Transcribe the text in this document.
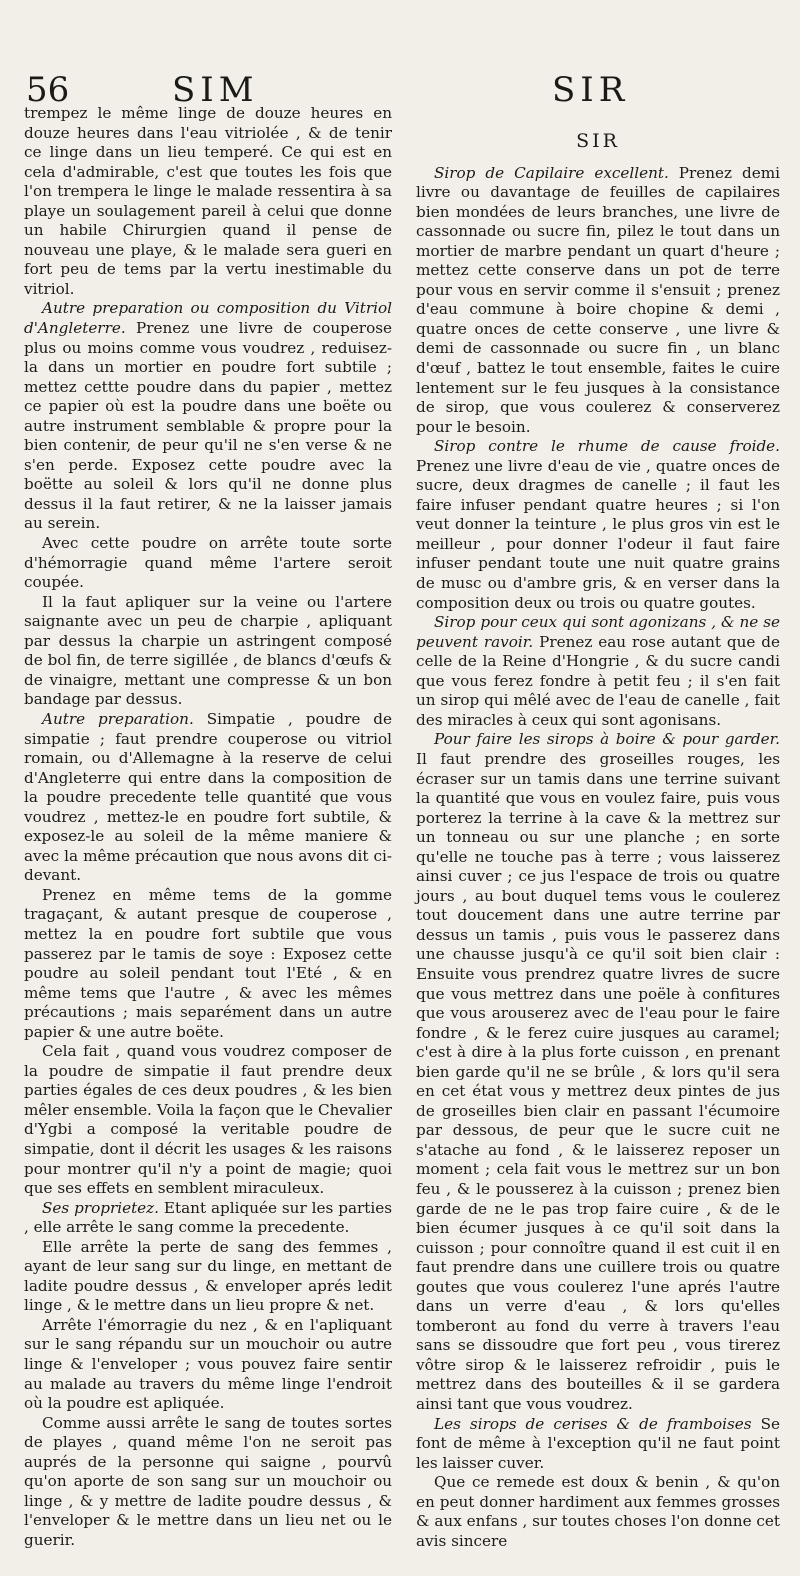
56	SIM	SIR

trempez le même linge de douze heures en douze heures dans l'eau vitriolée , & de tenir ce linge dans un lieu temperé. Ce qui est en cela d'admirable, c'est que toutes les fois que l'on trempera le linge le malade ressentira à sa playe un soulagement pareil à celui que donne un habile Chirurgien quand il pense de nouveau une playe, & le malade sera gueri en fort peu de tems par la vertu inestimable du vitriol.

Autre preparation ou composition du Vitriol d'Angleterre. Prenez une livre de couperose plus ou moins comme vous voudrez , reduisez-la dans un mortier en poudre fort subtile ; mettez cettte poudre dans du papier , mettez ce papier où est la poudre dans une boëte ou autre instrument semblable & propre pour la bien contenir, de peur qu'il ne s'en verse & ne s'en perde. Exposez cette poudre avec la boëtte au soleil & lors qu'il ne donne plus dessus il la faut retirer, & ne la laisser jamais au serein.

Avec cette poudre on arrête toute sorte d'hémorragie quand même l'artere seroit coupée.

Il la faut apliquer sur la veine ou l'artere saignante avec un peu de charpie , apliquant par dessus la charpie un astringent composé de bol fin, de terre sigillée , de blancs d'œufs & de vinaigre, mettant une compresse & un bon bandage par dessus.

Autre preparation. Simpatie , poudre de simpatie ; faut prendre couperose ou vitriol romain, ou d'Allemagne à la reserve de celui d'Angleterre qui entre dans la composition de la poudre precedente telle quantité que vous voudrez , mettez-le en poudre fort subtile, & exposez-le au soleil de la même maniere & avec la même précaution que nous avons dit ci-devant.

Prenez en même tems de la gomme tragaçant, & autant presque de couperose , mettez la en poudre fort subtile que vous passerez par le tamis de soye : Exposez cette poudre au soleil pendant tout l'Eté , & en même tems que l'autre , & avec les mêmes précautions ; mais separément dans un autre papier & une autre boëte.

Cela fait , quand vous voudrez composer de la poudre de simpatie il faut prendre deux parties égales de ces deux poudres , & les bien mêler ensemble. Voila la façon que le Chevalier d'Ygbi a composé la veritable poudre de simpatie, dont il décrit les usages & les raisons pour montrer qu'il n'y a point de magie; quoi que ses effets en semblent miraculeux.

Ses proprietez. Etant apliquée sur les parties , elle arrête le sang comme la precedente.

Elle arrête la perte de sang des femmes , ayant de leur sang sur du linge, en mettant de ladite poudre dessus , & enveloper aprés ledit linge , & le mettre dans un lieu propre & net.

Arrête l'émorragie du nez , & en l'apliquant sur le sang répandu sur un mouchoir ou autre linge & l'enveloper ; vous pouvez faire sentir au malade au travers du même linge l'endroit où la poudre est apliquée.

Comme aussi arrête le sang de toutes sortes de playes , quand même l'on ne seroit pas auprés de la personne qui saigne , pourvû qu'on aporte de son sang sur un mouchoir ou linge , & y mettre de ladite poudre dessus , & l'enveloper & le mettre dans un lieu net ou le guerir.

SIR

Sirop de Capilaire excellent. Prenez demi livre ou davantage de feuilles de capilaires bien mondées de leurs branches, une livre de cassonnade ou sucre fin, pilez le tout dans un mortier de marbre pendant un quart d'heure ; mettez cette conserve dans un pot de terre pour vous en servir comme il s'ensuit ; prenez d'eau commune à boire chopine & demi , quatre onces de cette conserve , une livre & demi de cassonnade ou sucre fin , un blanc d'œuf , battez le tout ensemble, faites le cuire lentement sur le feu jusques à la consistance de sirop, que vous coulerez & conserverez pour le besoin.

Sirop contre le rhume de cause froide. Prenez une livre d'eau de vie , quatre onces de sucre, deux dragmes de canelle ; il faut les faire infuser pendant quatre heures ; si l'on veut donner la teinture , le plus gros vin est le meilleur , pour donner l'odeur il faut faire infuser pendant toute une nuit quatre grains de musc ou d'ambre gris, & en verser dans la composition deux ou trois ou quatre goutes.

Sirop pour ceux qui sont agonizans , & ne se peuvent ravoir. Prenez eau rose autant que de celle de la Reine d'Hongrie , & du sucre candi que vous ferez fondre à petit feu ; il s'en fait un sirop qui mêlé avec de l'eau de canelle , fait des miracles à ceux qui sont agonisans.

Pour faire les sirops à boire & pour garder. Il faut prendre des groseilles rouges, les écraser sur un tamis dans une terrine suivant la quantité que vous en voulez faire, puis vous porterez la terrine à la cave & la mettrez sur un tonneau ou sur une planche ; en sorte qu'elle ne touche pas à terre ; vous laisserez ainsi cuver ; ce jus l'espace de trois ou quatre jours , au bout duquel tems vous le coulerez tout doucement dans une autre terrine par dessus un tamis , puis vous le passerez dans une chausse jusqu'à ce qu'il soit bien clair : Ensuite vous prendrez quatre livres de sucre que vous mettrez dans une poële à confitures que vous arouserez avec de l'eau pour le faire fondre , & le ferez cuire jusques au caramel; c'est à dire à la plus forte cuisson , en prenant bien garde qu'il ne se brûle , & lors qu'il sera en cet état vous y mettrez deux pintes de jus de groseilles bien clair en passant l'écumoire par dessous, de peur que le sucre cuit ne s'atache au fond , & le laisserez reposer un moment ; cela fait vous le mettrez sur un bon feu , & le pousserez à la cuisson ; prenez bien garde de ne le pas trop faire cuire , & de le bien écumer jusques à ce qu'il soit dans la cuisson ; pour connoître quand il est cuit il en faut prendre dans une cuillere trois ou quatre goutes que vous coulerez l'une aprés l'autre dans un verre d'eau , & lors qu'elles tomberont au fond du verre à travers l'eau sans se dissoudre que fort peu , vous tirerez vôtre sirop & le laisserez refroidir , puis le mettrez dans des bouteilles & il se gardera ainsi tant que vous voudrez.

Les sirops de cerises & de framboises Se font de même à l'exception qu'il ne faut point les laisser cuver.

Que ce remede est doux & benin , & qu'on en peut donner hardiment aux femmes grosses & aux enfans , sur toutes choses l'on donne cet avis sincere
